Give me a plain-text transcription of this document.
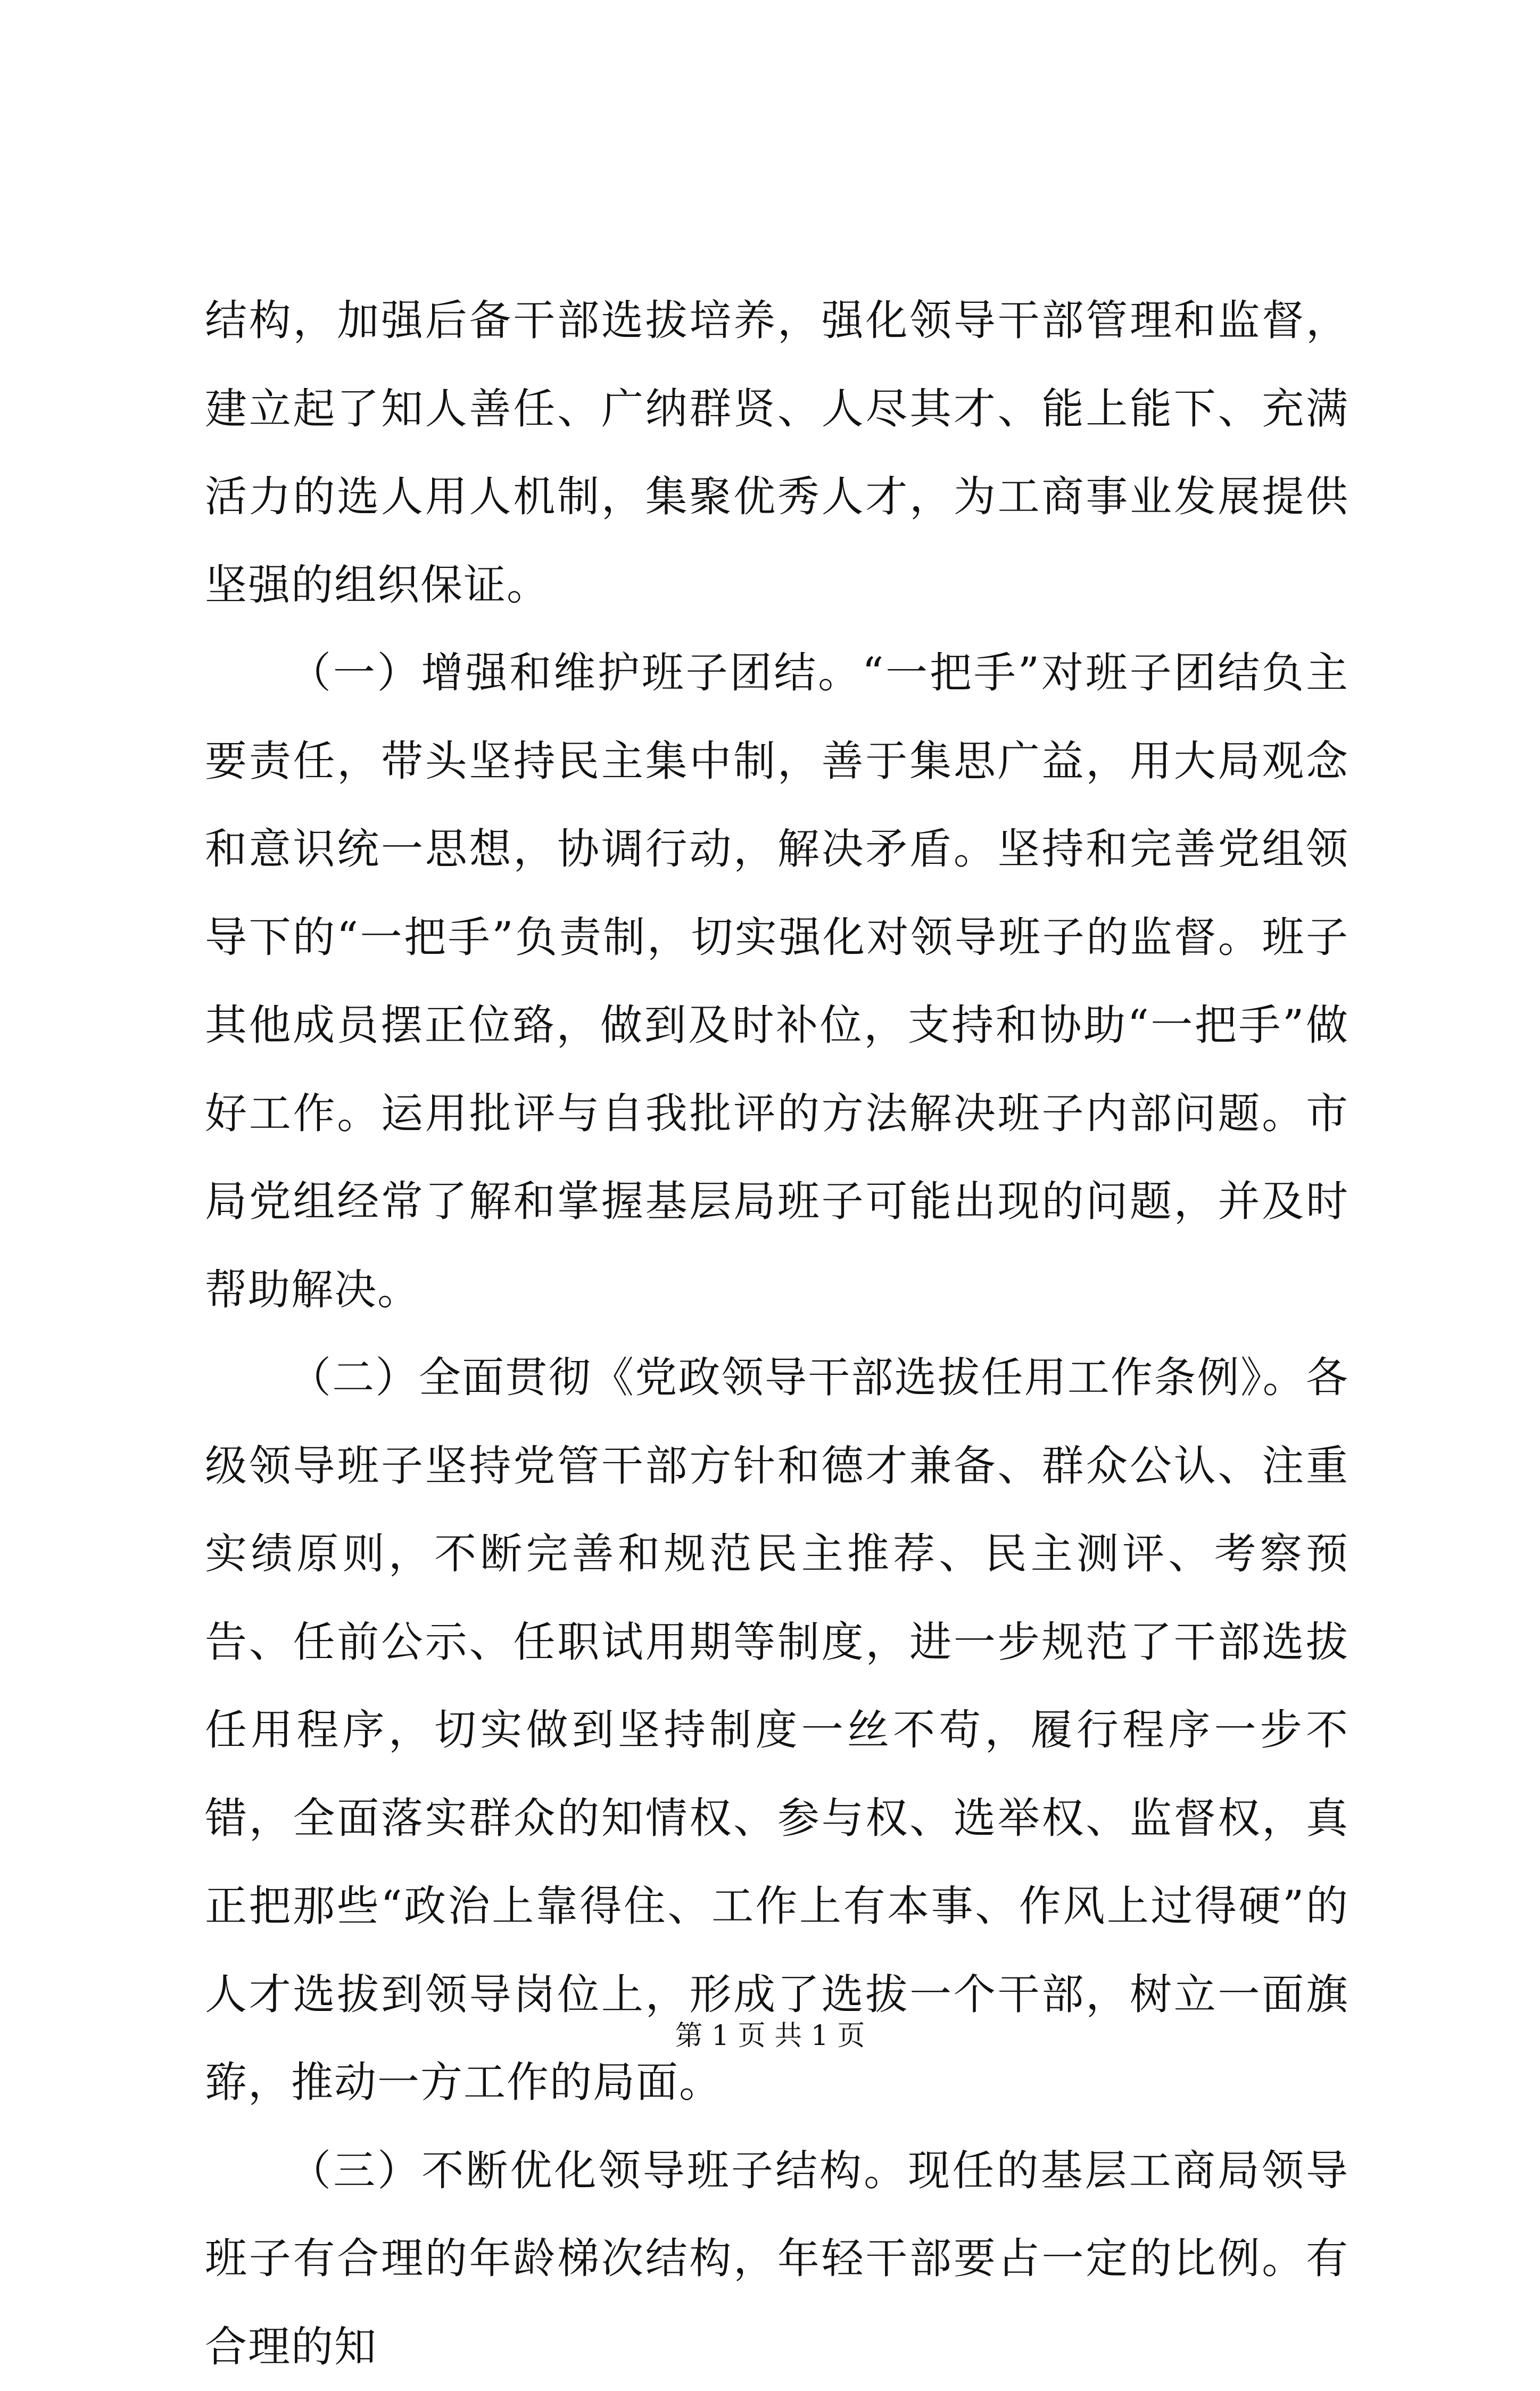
结构，加强后备干部选拔培养，强化领导干部管理和监督，建立起了知人善任、广纳群贤、人尽其才、能上能下、充满活力的选人用人机制，集聚优秀人才，为工商事业发展提供坚强的组织保证。

（一）增强和维护班子团结。“一把手”对班子团结负主要责任，带头坚持民主集中制，善于集思广益，用大局观念和意识统一思想，协调行动，解决矛盾。坚持和完善党组领导下的“一把手”负责制，切实强化对领导班子的监督。班子其他成员摆正位臵，做到及时补位，支持和协助“一把手”做好工作。运用批评与自我批评的方法解决班子内部问题。市局党组经常了解和掌握基层局班子可能出现的问题，并及时帮助解决。

（二）全面贯彻《党政领导干部选拔任用工作条例》。各级领导班子坚持党管干部方针和德才兼备、群众公认、注重实绩原则，不断完善和规范民主推荐、民主测评、考察预告、任前公示、任职试用期等制度，进一步规范了干部选拔任用程序，切实做到坚持制度一丝不苟，履行程序一步不错，全面落实群众的知情权、参与权、选举权、监督权，真正把那些“政治上靠得住、工作上有本事、作风上过得硬”的人才选拔到领导岗位上，形成了选拔一个干部，树立一面旗臶，推动一方工作的局面。

（三）不断优化领导班子结构。现任的基层工商局领导班子有合理的年龄梯次结构，年轻干部要占一定的比例。有合理的知

第 1 页 共 1 页
